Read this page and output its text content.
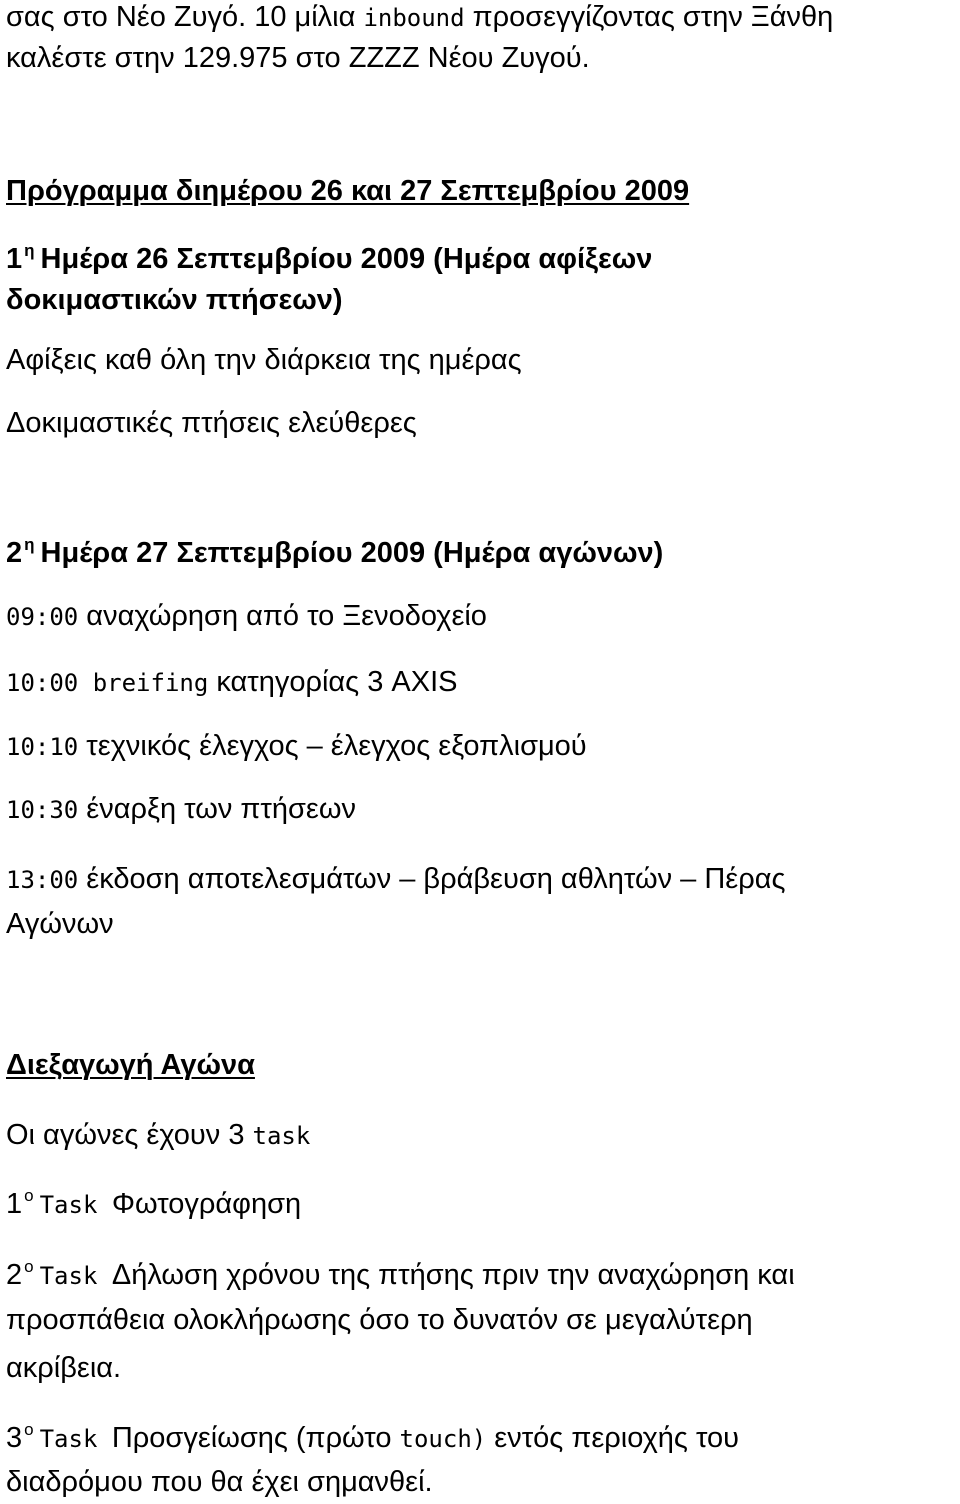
σας στο Νέο Ζυγό. 10 μίλια inbound προσεγγίζοντας στην Ξάνθη
καλέστε στην 129.975 στο ZZZZ Νέου Ζυγού.
Πρόγραμμα διημέρου 26 και 27 Σεπτεμβρίου 2009
1 $^\eta$ Ημέρα 26 Σεπτεμβρίου 2009 (Ημέρα αφίξεων
δοκιμαστικών πτήσεων)
Αφίξεις καθ όλη την διάρκεια της ημέρας
Δοκιμαστικές πτήσεις ελεύθερες
2 $^\eta$ Ημέρα 27 Σεπτεμβρίου 2009 (Ημέρα αγώνων)
09:00 αναχώρηση από το Ξενοδοχείο
10:00 breifing κατηγορίας 3 AXIS
10:10 τεχνικός έλεγχος – έλεγχος εξοπλισμού
10:30 έναρξη των πτήσεων
13:00 έκδοση αποτελεσμάτων – βράβευση αθλητών – Πέρας
Αγώνων
Διεξαγωγή Αγώνα
Οι αγώνες έχουν 3 task
1 $^o$ Task Φωτογράφηση
2 $^o$ Task Δήλωση χρόνου της πτήσης πριν την αναχώρηση και
προσπάθεια ολοκλήρωσης όσο το δυνατόν σε μεγαλύτερη
ακρίβεια.
3 $^o$ Task Προσγείωσης (πρώτο touch) εντός περιοχής του
διαδρόμου που θα έχει σημανθεί.
